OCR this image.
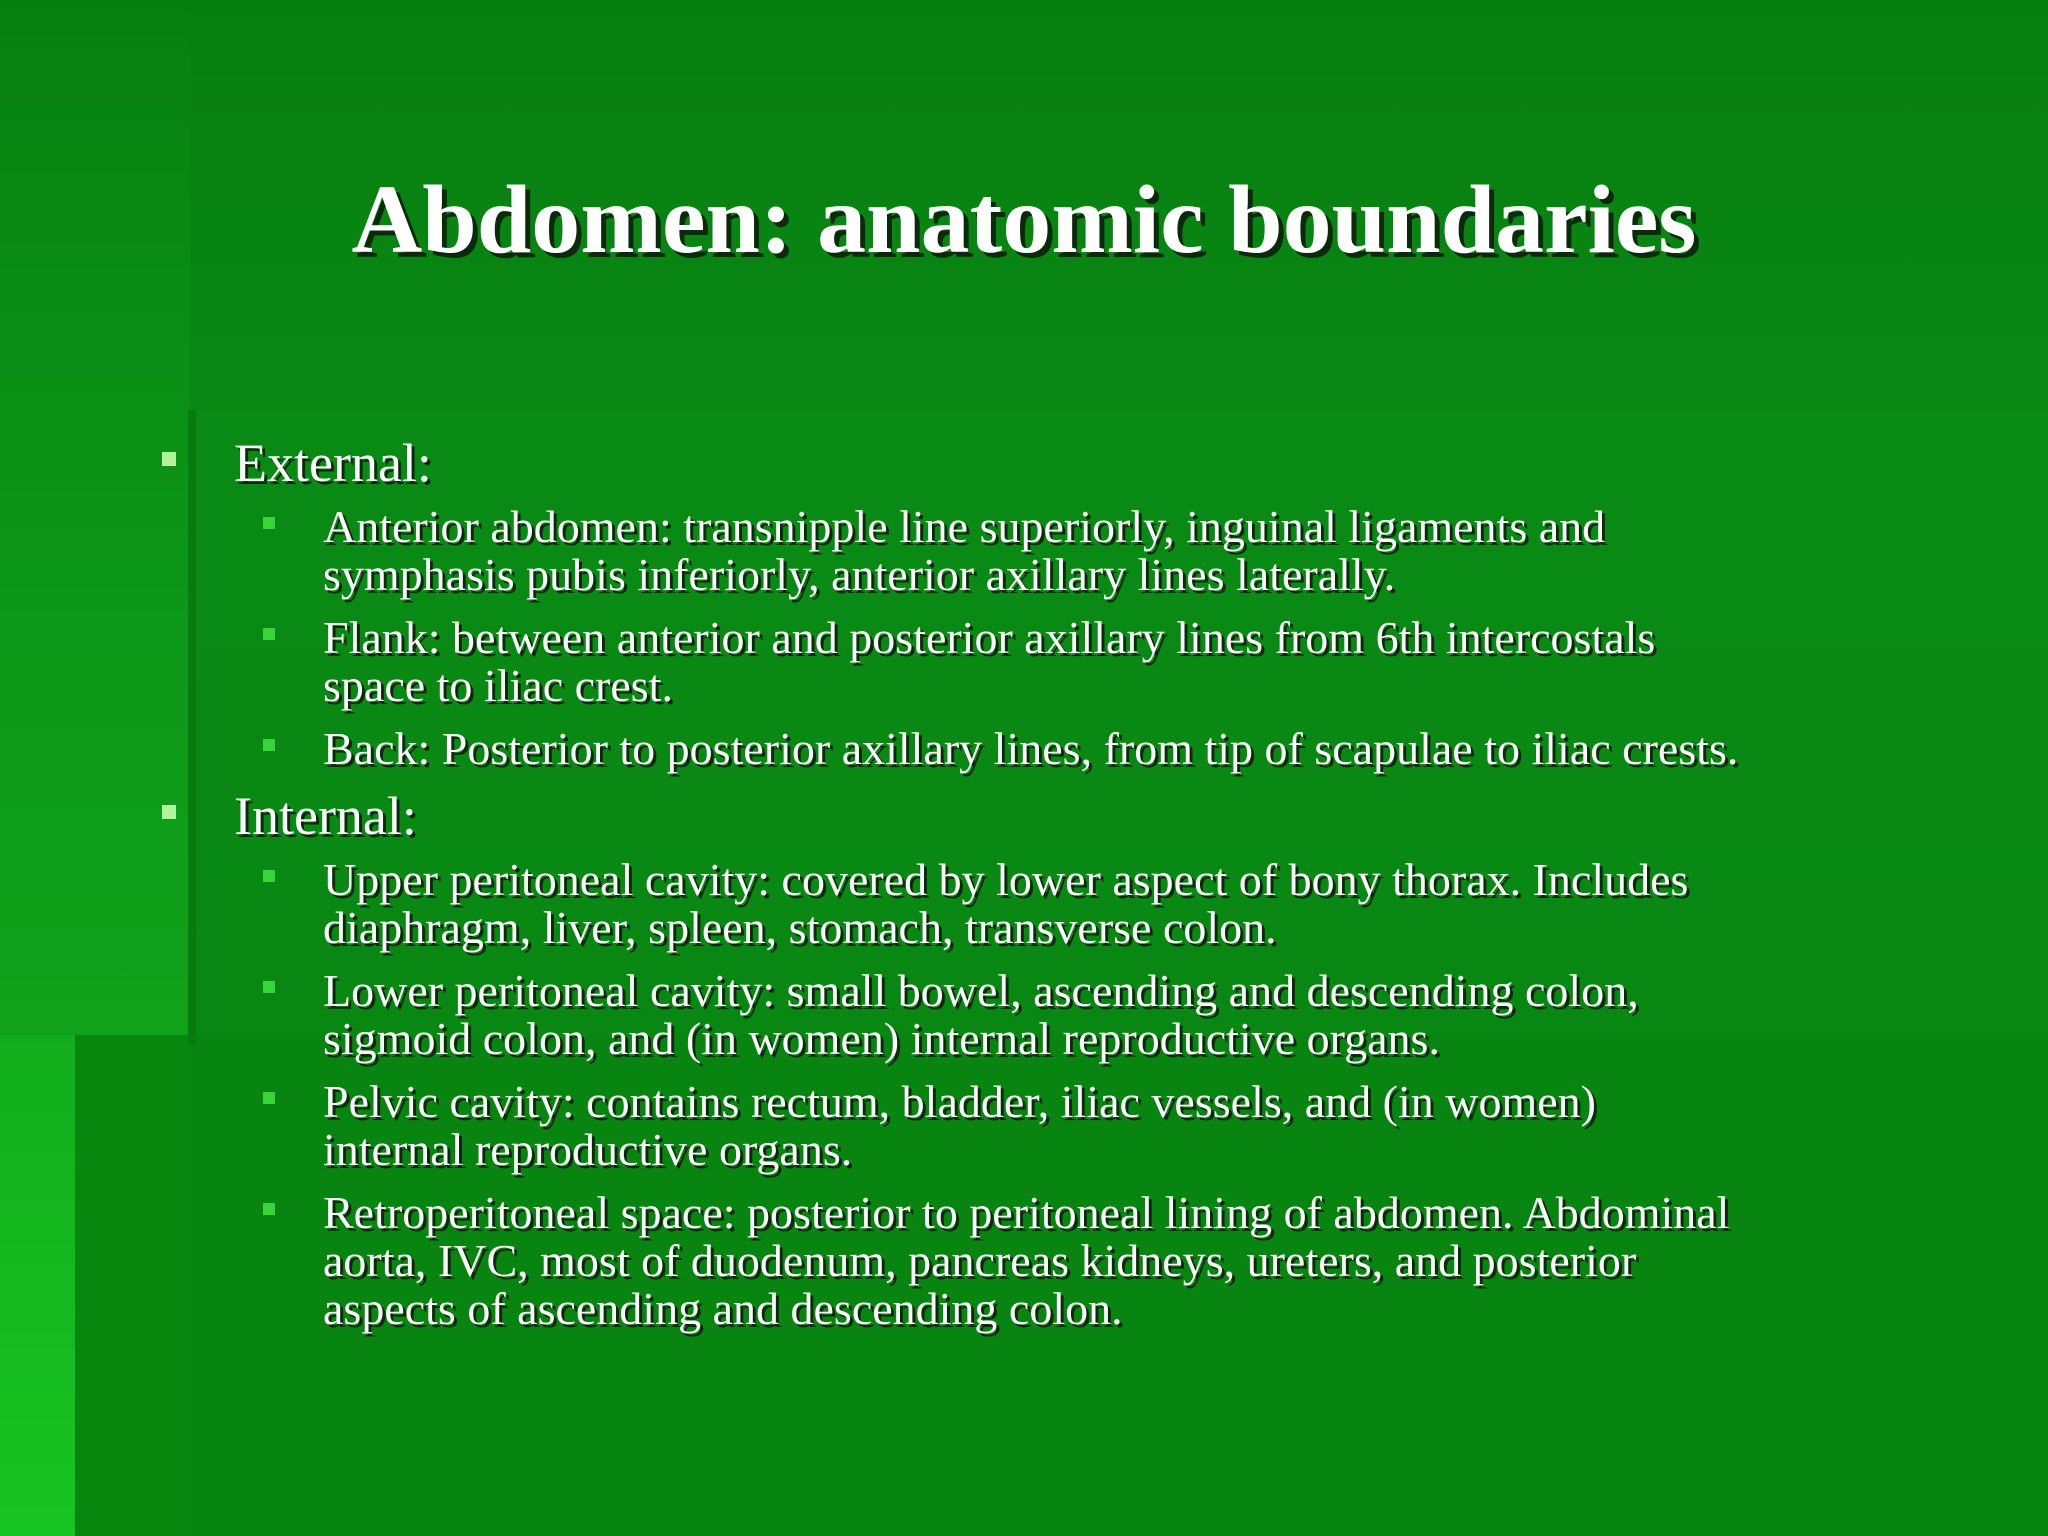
Abdomen: anatomic boundaries
External:
Anterior abdomen: transnipple line superiorly, inguinal ligaments and
symphasis pubis inferiorly, anterior axillary lines laterally.
Flank: between anterior and posterior axillary lines from 6th intercostals
space to iliac crest.
Back: Posterior to posterior axillary lines, from tip of scapulae to iliac crests.
Internal:
Upper peritoneal cavity: covered by lower aspect of bony thorax. Includes
diaphragm, liver, spleen, stomach, transverse colon.
Lower peritoneal cavity: small bowel, ascending and descending colon,
sigmoid colon, and (in women) internal reproductive organs.
Pelvic cavity: contains rectum, bladder, iliac vessels, and (in women)
internal reproductive organs.
Retroperitoneal space: posterior to peritoneal lining of abdomen. Abdominal
aorta, IVC, most of duodenum, pancreas kidneys, ureters, and posterior
aspects of ascending and descending colon.
